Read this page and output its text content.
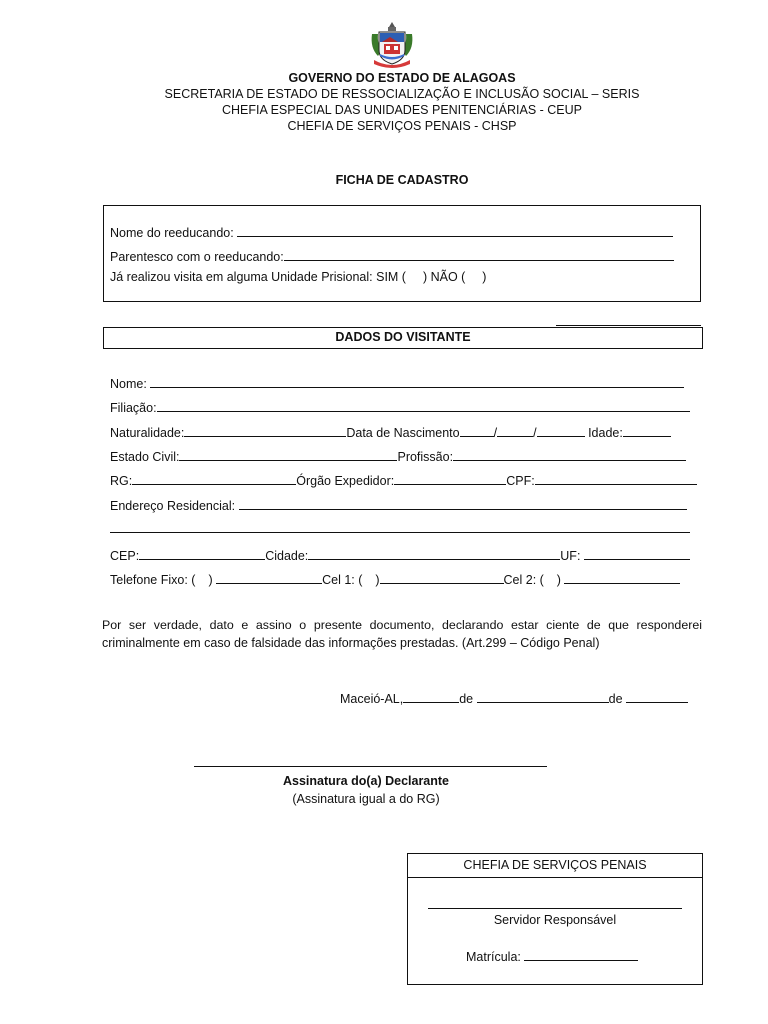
GOVERNO DO ESTADO DE ALAGOAS
SECRETARIA DE ESTADO DE RESSOCIALIZAÇÃO E INCLUSÃO SOCIAL – SERIS
CHEFIA ESPECIAL DAS UNIDADES PENITENCIÁRIAS - CEUP
CHEFIA DE SERVIÇOS PENAIS - CHSP
FICHA DE CADASTRO
Nome do reeducando:
Parentesco com o reeducando:
Já realizou visita em alguma Unidade Prisional: SIM ( ) NÃO ( )
DADOS DO VISITANTE
Nome:
Filiação:
Naturalidade:	Data de Nascimento	/	/	Idade:
Estado Civil:	Profissão:
RG:	Órgão Expedidor:	CPF:
Endereço Residencial:
CEP:	Cidade:	UF:
Telefone Fixo: ( )	Cel 1: ( )	Cel 2: ( )
Por ser verdade, dato e assino o presente documento, declarando estar ciente de que responderei
criminalmente em caso de falsidade das informações prestadas. (Art.299 – Código Penal)
Maceió-AL,	de	de
Assinatura do(a) Declarante
(Assinatura igual a do RG)
CHEFIA DE SERVIÇOS PENAIS
Servidor Responsável
Matrícula:
